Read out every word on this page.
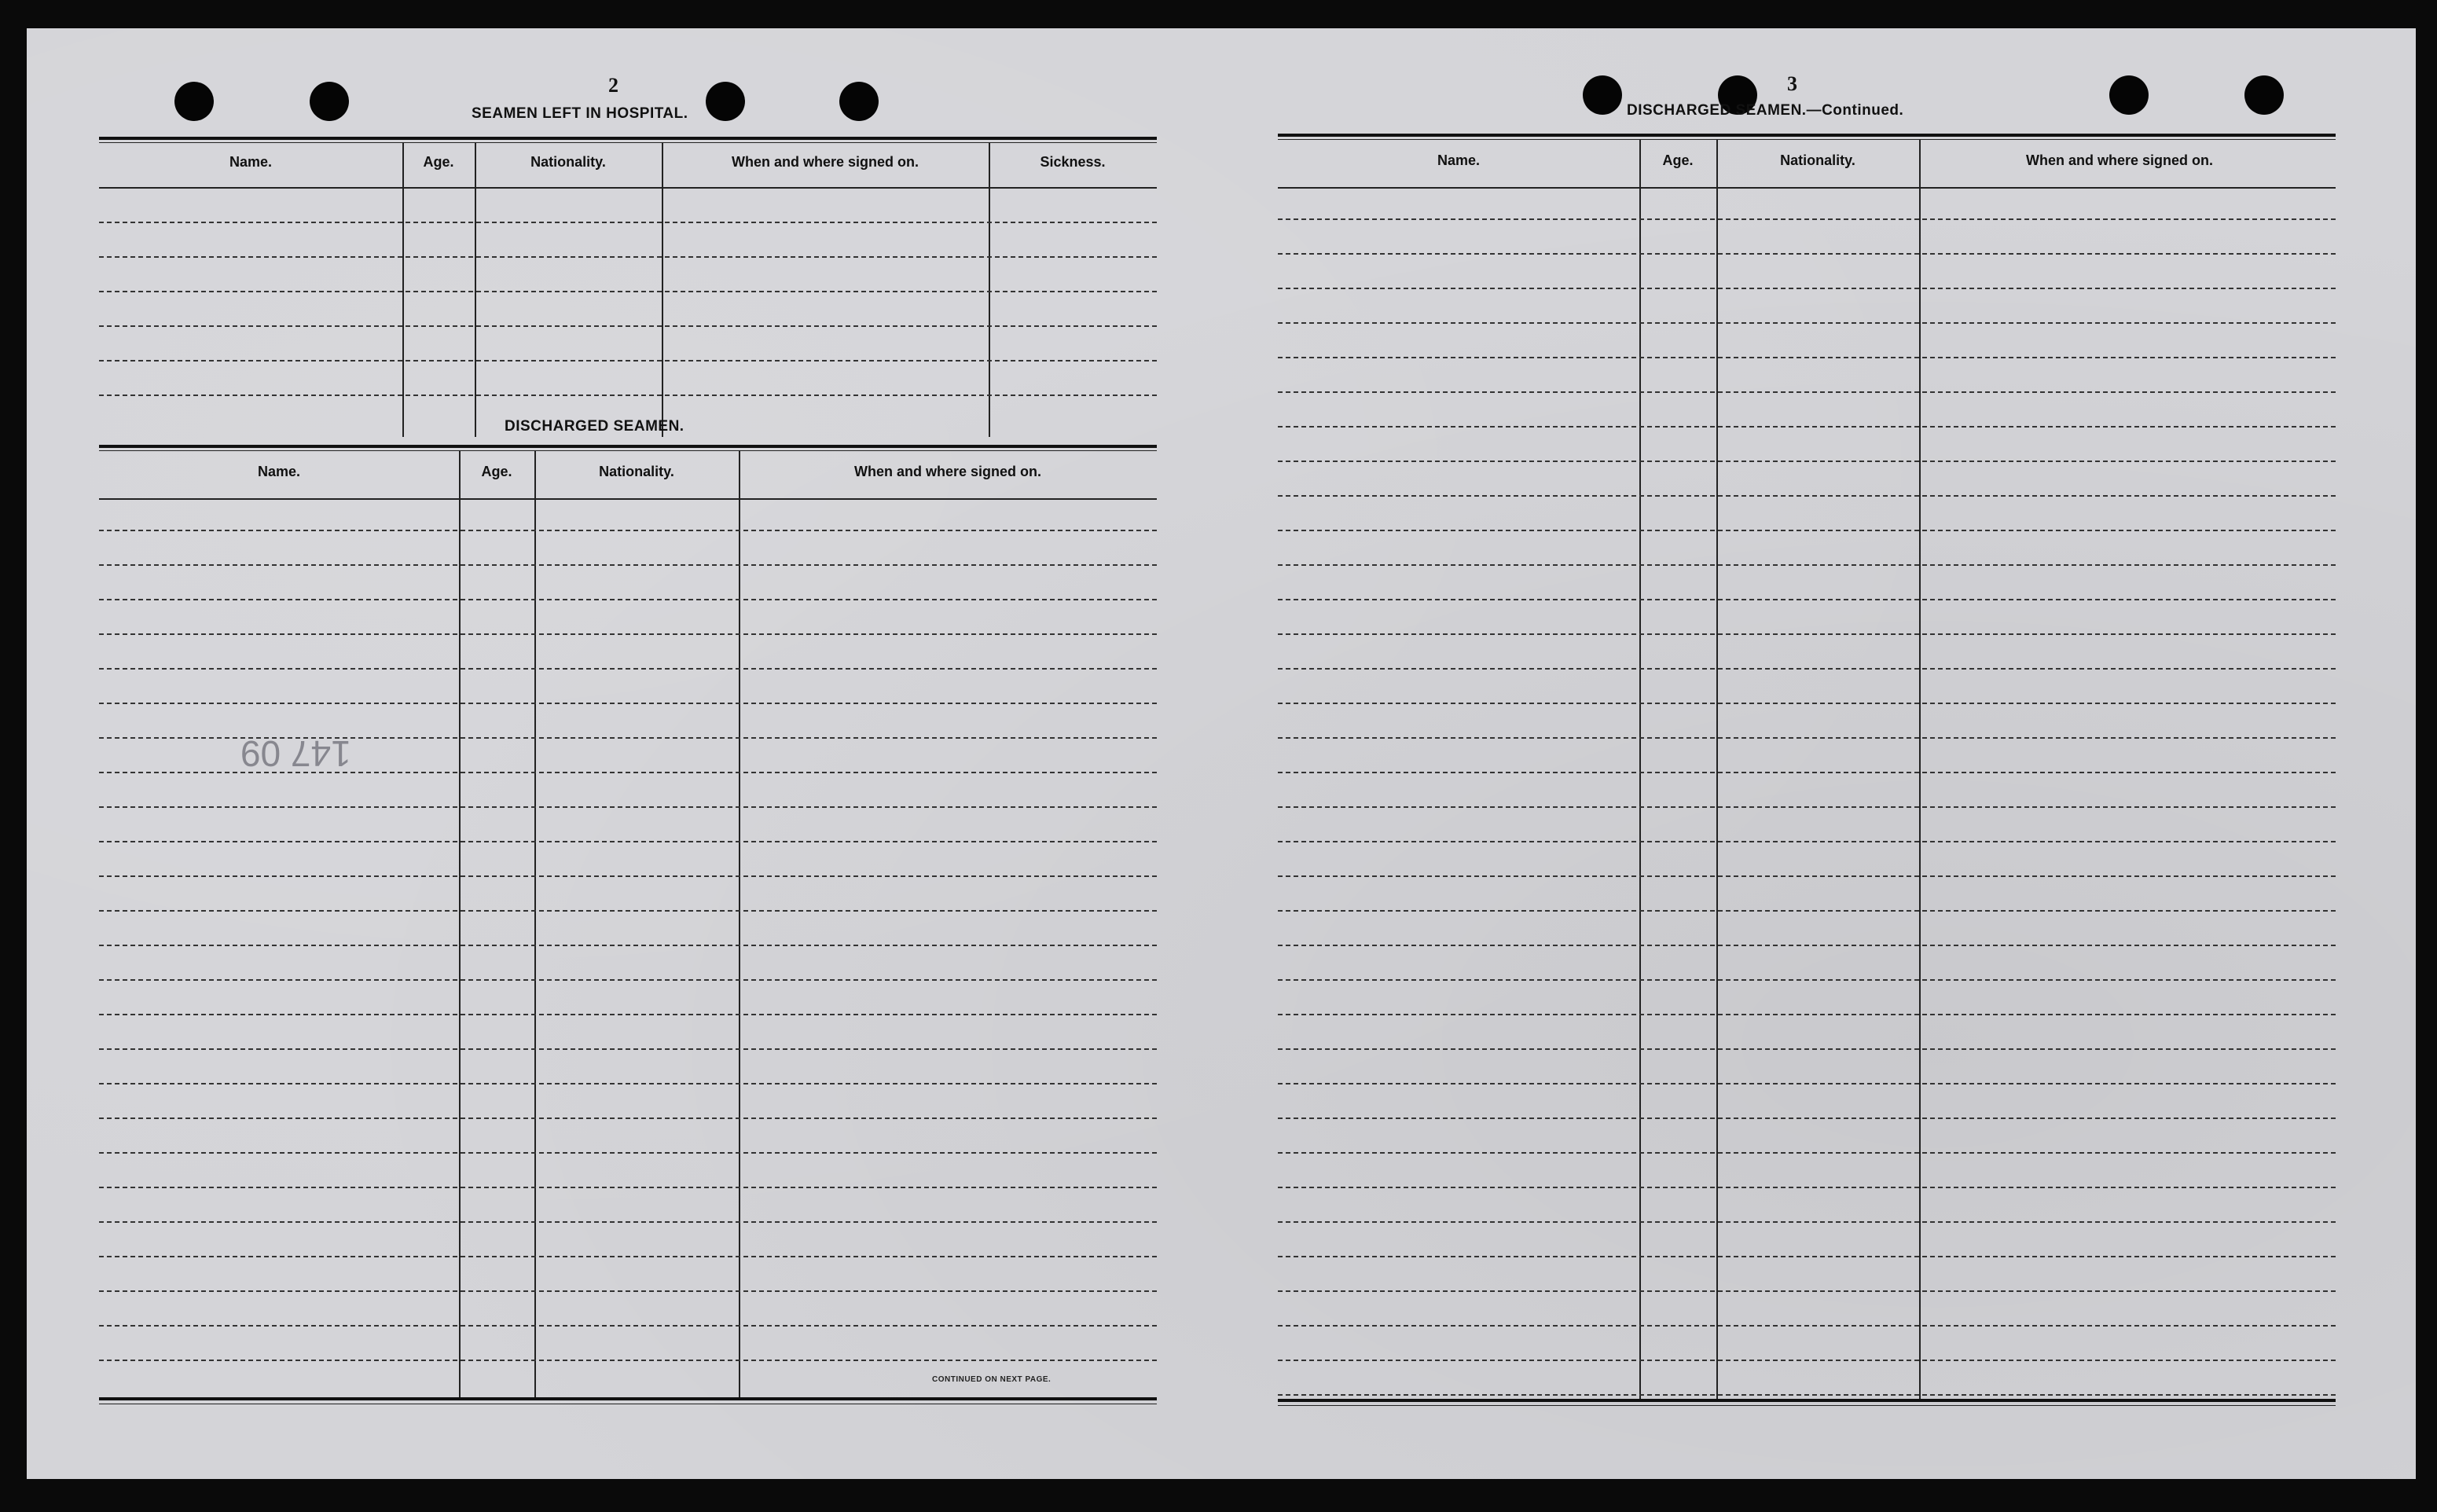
2
SEAMEN LEFT IN HOSPITAL.
Name.	Age.	Nationality.	When and where signed on.	Sickness.
DISCHARGED SEAMEN.
Name.	Age.	Nationality.	When and where signed on.
147 09
CONTINUED ON NEXT PAGE.
3
DISCHARGED SEAMEN.—Continued.
Name.	Age.	Nationality.	When and where signed on.
